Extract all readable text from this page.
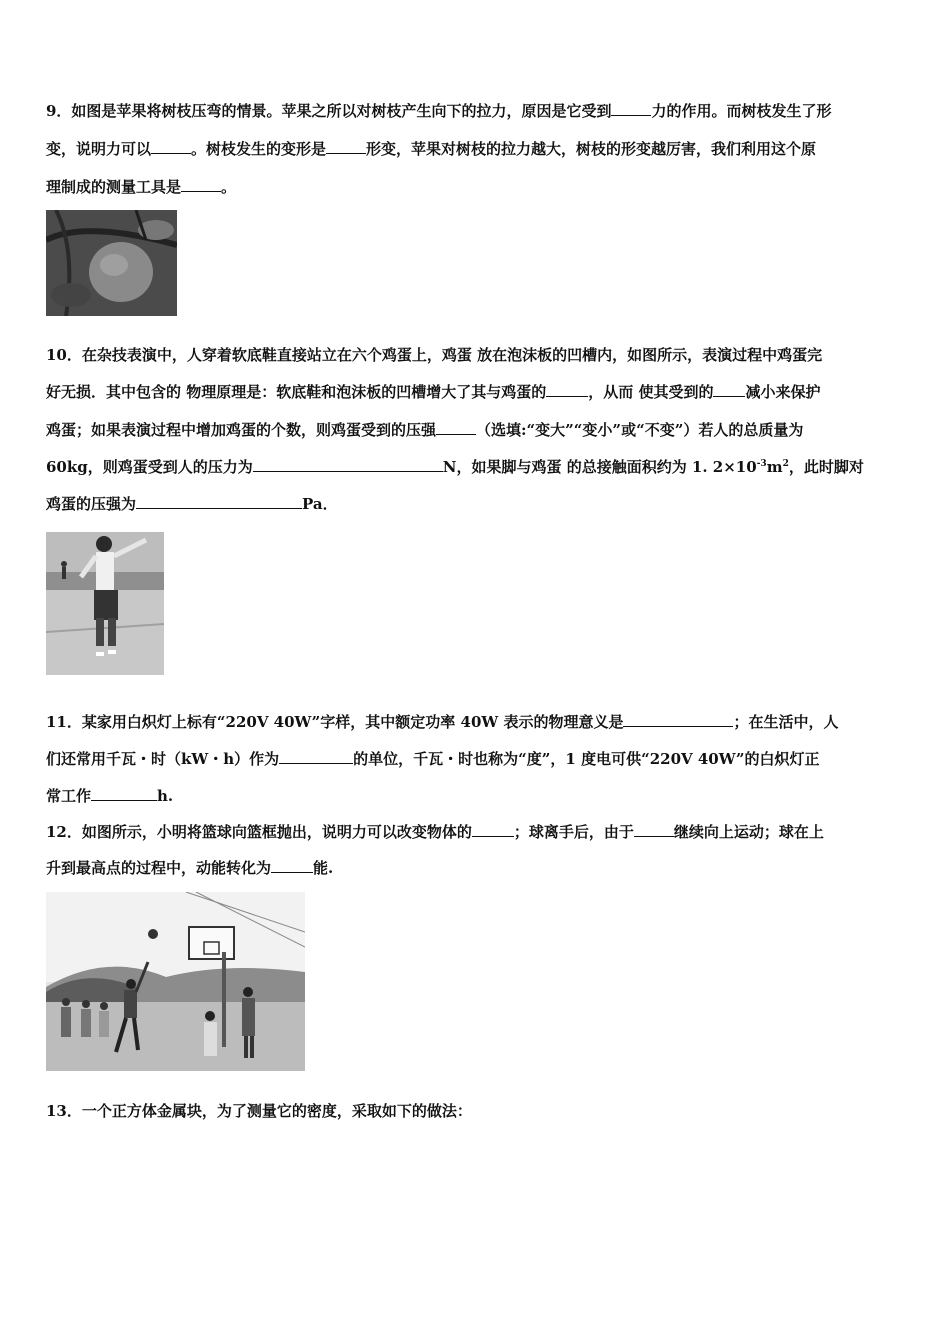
9．如图是苹果将树枝压弯的情景。苹果之所以对树枝产生向下的拉力，原因是它受到	力的作用。而树枝发生了形
变，说明力可以	。树枝发生的变形是	形变，苹果对树枝的拉力越大，树枝的形变越厉害，我们利用这个原
理制成的测量工具是	。
10．在杂技表演中，人穿着软底鞋直接站立在六个鸡蛋上，鸡蛋 放在泡沫板的凹槽内，如图所示，表演过程中鸡蛋完
好无损．其中包含的 物理原理是：软底鞋和泡沫板的凹槽增大了其与鸡蛋的	，从而 使其受到的 减小来保护
鸡蛋；如果表演过程中增加鸡蛋的个数，则鸡蛋受到的压强	（选填:“变大”“变小”或“不变”）若人的总质量为
60kg，则鸡蛋受到人的压力为	N，如果脚与鸡蛋 的总接触面积约为 1. $2\times 10^{-3}m^2$，此时脚对
鸡蛋的压强为	Pa．
11．某家用白炽灯上标有“220V 40W”字样，其中额定功率 40W 表示的物理意义是	；在生活中，人
们还常用千瓦・时（kW・h）作为	的单位，千瓦・时也称为“度”，1 度电可供“220V 40W”的白炽灯正
常工作	h.
12．如图所示，小明将篮球向篮框抛出，说明力可以改变物体的	；球离手后，由于	继续向上运动；球在上
升到最高点的过程中，动能转化为	能.
13．一个正方体金属块，为了测量它的密度，采取如下的做法：
